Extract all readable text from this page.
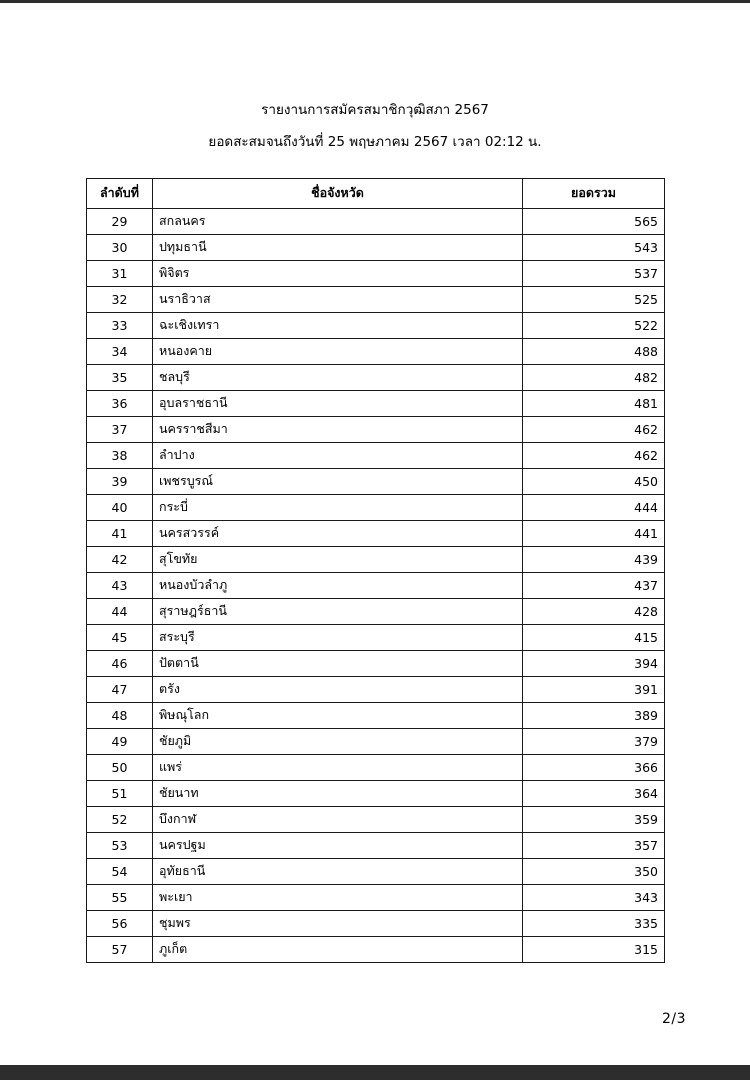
รายงานการสมัครสมาชิกวุฒิสภา 2567

ยอดสะสมจนถึงวันที่ 25 พฤษภาคม 2567 เวลา 02:12 น.

ลำดับที่	ชื่อจังหวัด	ยอดรวม
29	สกลนคร	565
30	ปทุมธานี	543
31	พิจิตร	537
32	นราธิวาส	525
33	ฉะเชิงเทรา	522
34	หนองคาย	488
35	ชลบุรี	482
36	อุบลราชธานี	481
37	นครราชสีมา	462
38	ลำปาง	462
39	เพชรบูรณ์	450
40	กระบี่	444
41	นครสวรรค์	441
42	สุโขทัย	439
43	หนองบัวลำภู	437
44	สุราษฎร์ธานี	428
45	สระบุรี	415
46	ปัตตานี	394
47	ตรัง	391
48	พิษณุโลก	389
49	ชัยภูมิ	379
50	แพร่	366
51	ชัยนาท	364
52	บึงกาฬ	359
53	นครปฐม	357
54	อุทัยธานี	350
55	พะเยา	343
56	ชุมพร	335
57	ภูเก็ต	315
2/3
